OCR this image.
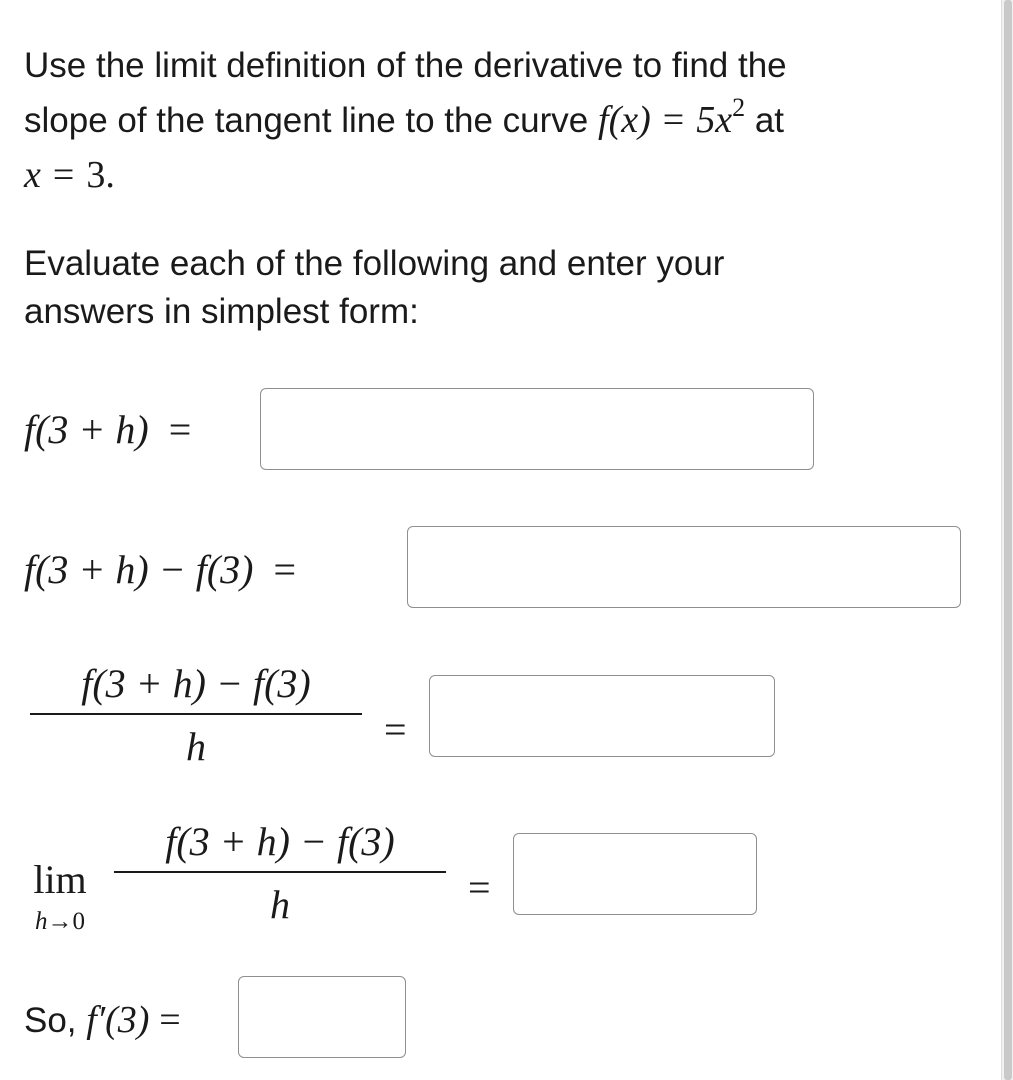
Use the limit definition of the derivative to find the
slope of the tangent line to the curve $f(x) = 5x^2$ at
x = 3.
Evaluate each of the following and enter your
answers in simplest form:
f(3 + h) =
f(3 + h) − f(3) =
f(3 + h) − f(3)
h	=
lim
h→0
f(3 + h) − f(3)
h	=
So, f′(3) =
